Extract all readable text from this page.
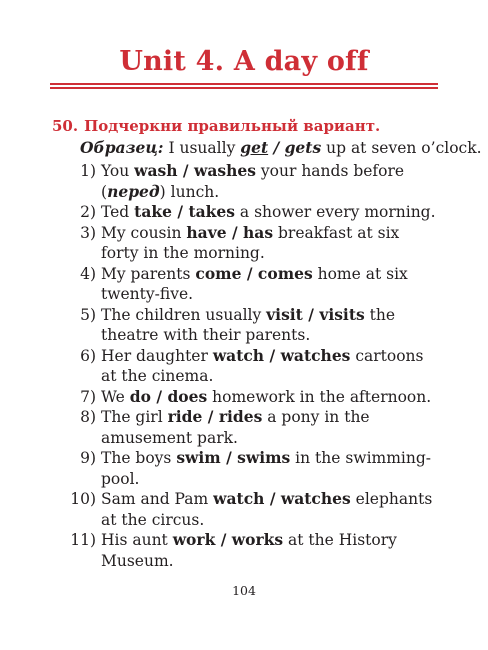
Unit 4. A day off
50. Подчеркни правильный вариант.
Образец: I usually get / gets up at seven o’clock.
1) You wash / washes your hands before (перед) lunch.
2) Ted take / takes a shower every morning.
3) My cousin have / has breakfast at six forty in the morning.
4) My parents come / comes home at six twenty-five.
5) The children usually visit / visits the theatre with their parents.
6) Her daughter watch / watches cartoons at the cinema.
7) We do / does homework in the afternoon.
8) The girl ride / rides a pony in the amusement park.
9) The boys swim / swims in the swimming-pool.
10) Sam and Pam watch / watches elephants at the circus.
11) His aunt work / works at the History Museum.
104
